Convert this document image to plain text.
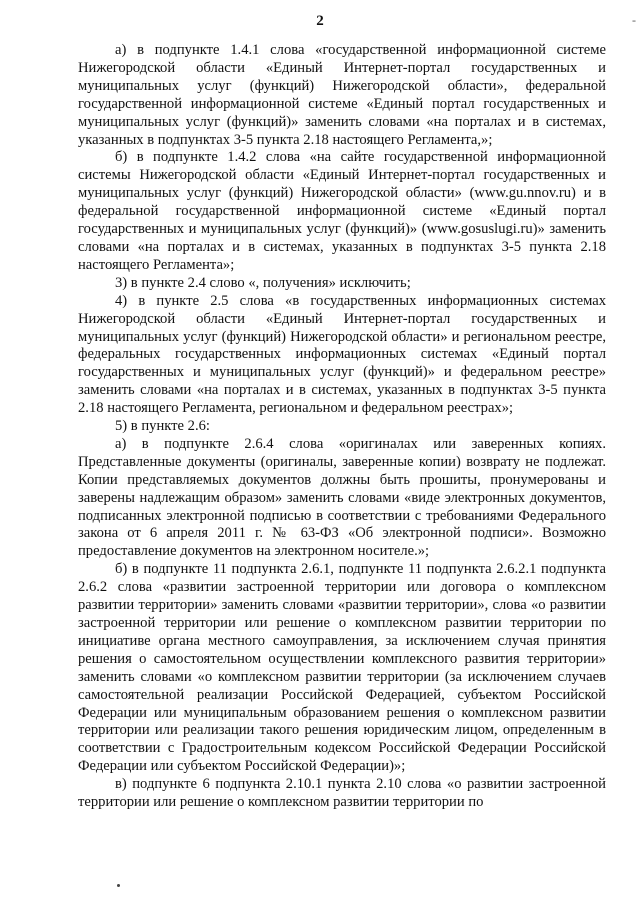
2	-

а) в подпункте 1.4.1 слова «государственной информационной системе Нижегородской области «Единый Интернет-портал государственных и муниципальных услуг (функций) Нижегородской области», федеральной государственной информационной системе «Единый портал государственных и муниципальных услуг (функций)» заменить словами «на порталах и в системах, указанных в подпунктах 3-5 пункта 2.18 настоящего Регламента,»;

б) в подпункте 1.4.2 слова «на сайте государственной информационной системы Нижегородской области «Единый Интернет-портал государственных и муниципальных услуг (функций) Нижегородской области» (www.gu.nnov.ru) и в федеральной государственной информационной системе «Единый портал государственных и муниципальных услуг (функций)» (www.gosuslugi.ru)» заменить словами «на порталах и в системах, указанных в подпунктах 3-5 пункта 2.18 настоящего Регламента»;

3) в пункте 2.4 слово «, получения» исключить;

4) в пункте 2.5 слова «в государственных информационных системах Нижегородской области «Единый Интернет-портал государственных и муниципальных услуг (функций) Нижегородской области» и региональном реестре, федеральных государственных информационных системах «Единый портал государственных и муниципальных услуг (функций)» и федеральном реестре» заменить словами «на порталах и в системах, указанных в подпунктах 3-5 пункта 2.18 настоящего Регламента, региональном и федеральном реестрах»;

5) в пункте 2.6:

а) в подпункте 2.6.4 слова «оригиналах или заверенных копиях. Представленные документы (оригиналы, заверенные копии) возврату не подлежат. Копии представляемых документов должны быть прошиты, пронумерованы и заверены надлежащим образом» заменить словами «виде электронных документов, подписанных электронной подписью в соответствии с требованиями Федерального закона от 6 апреля 2011 г. № 63-ФЗ «Об электронной подписи». Возможно предоставление документов на электронном носителе.»;

б) в подпункте 11 подпункта 2.6.1, подпункте 11 подпункта 2.6.2.1 подпункта 2.6.2 слова «развитии застроенной территории или договора о комплексном развитии территории» заменить словами «развитии территории», слова «о развитии застроенной территории или решение о комплексном развитии территории по инициативе органа местного самоуправления, за исключением случая принятия решения о самостоятельном осуществлении комплексного развития территории» заменить словами «о комплексном развитии территории (за исключением случаев самостоятельной реализации Российской Федерацией, субъектом Российской Федерации или муниципальным образованием решения о комплексном развитии территории или реализации такого решения юридическим лицом, определенным в соответствии с Градостроительным кодексом Российской Федерации Российской Федерации или субъектом Российской Федерации)»;

в) подпункте 6 подпункта 2.10.1 пункта 2.10 слова «о развитии застроенной территории или решение о комплексном развитии территории по
